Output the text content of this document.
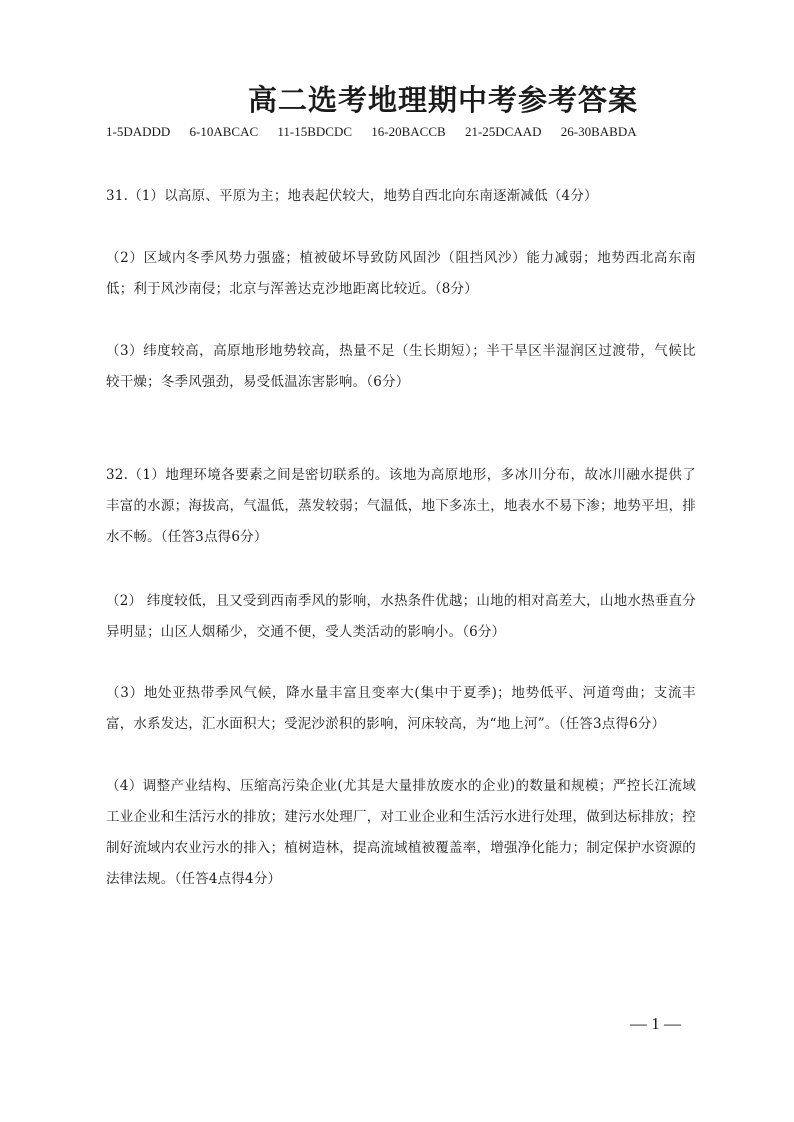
高二选考地理期中考参考答案
1-5DADDD 6-10ABCAC 11-15BDCDC 16-20BACCB 21-25DCAAD 26-30BABDA

31.（1）以高原、平原为主；地表起伏较大，地势自西北向东南逐渐减低（4分）

（2）区域内冬季风势力强盛；植被破坏导致防风固沙（阻挡风沙）能力减弱；地势西北高东南低；利于风沙南侵；北京与浑善达克沙地距离比较近。（8分）

（3）纬度较高，高原地形地势较高，热量不足（生长期短）；半干旱区半湿润区过渡带，气候比较干燥；冬季风强劲，易受低温冻害影响。（6分）

32.（1）地理环境各要素之间是密切联系的。该地为高原地形，多冰川分布，故冰川融水提供了丰富的水源；海拔高，气温低，蒸发较弱；气温低，地下多冻土，地表水不易下渗；地势平坦，排水不畅。（任答3点得6分）

（2） 纬度较低，且又受到西南季风的影响，水热条件优越；山地的相对高差大，山地水热垂直分异明显；山区人烟稀少，交通不便，受人类活动的影响小。（6分）

（3）地处亚热带季风气候，降水量丰富且变率大(集中于夏季)；地势低平、河道弯曲；支流丰富，水系发达，汇水面积大；受泥沙淤积的影响，河床较高，为“地上河”。（任答3点得6分）

（4）调整产业结构、压缩高污染企业(尤其是大量排放废水的企业)的数量和规模；严控长江流域工业企业和生活污水的排放；建污水处理厂，对工业企业和生活污水进行处理，做到达标排放；控制好流域内农业污水的排入；植树造林，提高流域植被覆盖率，增强净化能力；制定保护水资源的法律法规。（任答4点得4分）

— 1 —
